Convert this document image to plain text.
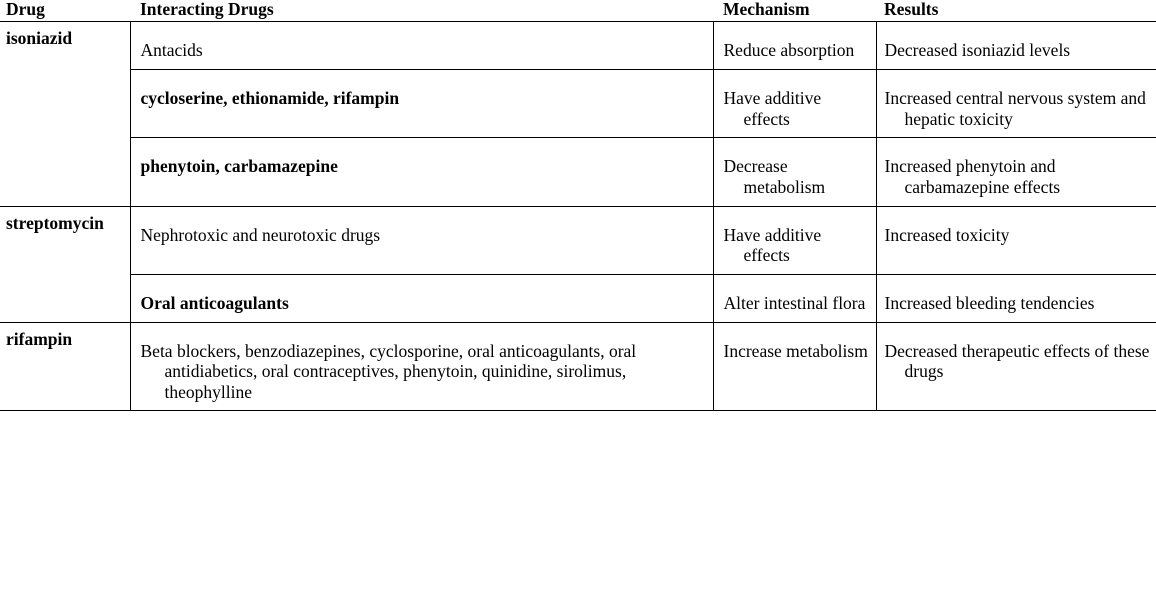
Drug	Interacting Drugs	Mechanism	Results
isoniazid	Antacids	Reduce absorption	Decreased isoniazid levels
	cycloserine, ethionamide, rifampin	Have additive effects	Increased central nervous system and hepatic toxicity
	phenytoin, carbamazepine	Decrease metabolism	Increased phenytoin and carbamazepine effects
streptomycin	Nephrotoxic and neurotoxic drugs	Have additive effects	Increased toxicity
	Oral anticoagulants	Alter intestinal flora	Increased bleeding tendencies
rifampin	Beta blockers, benzodiazepines, cyclosporine, oral anticoagulants, oral antidiabetics, oral contraceptives, phenytoin, quinidine, sirolimus, theophylline	Increase metabolism	Decreased therapeutic effects of these drugs
